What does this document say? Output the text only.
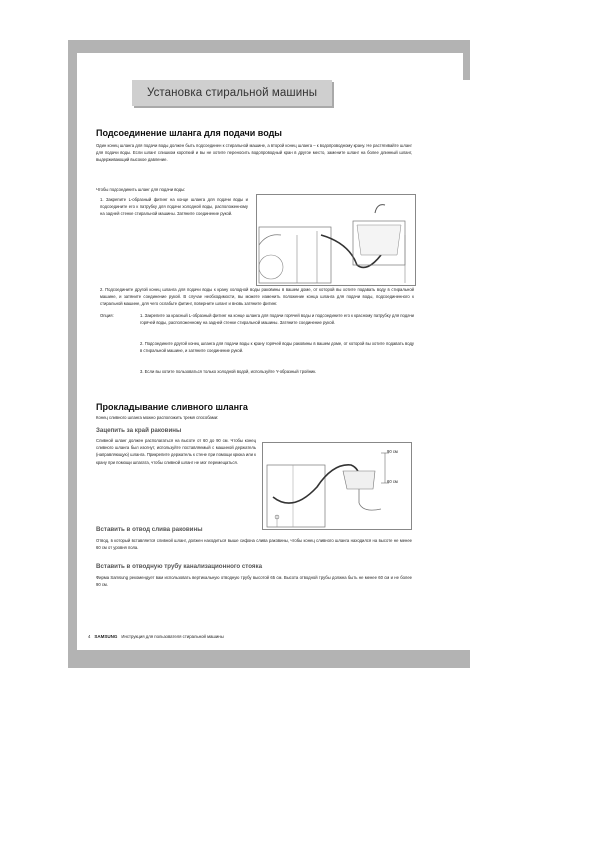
Установка стиральной машины
Подсоединение шланга для подачи воды

Один конец шланга для подачи воды должен быть подсоединен к стиральной машине, а второй конец шланга – к водопроводному крану. Не растягивайте шланг для подачи воды. Если шланг слишком короткий и вы не хотите переносить водопроводный кран в другое место, замените шланг на более длинный шланг, выдерживающий высокое давление.

Чтобы подсоединить шланг для подачи воды:

1. Закрепите L-образный фитинг на конце шланга для подачи воды и подсоедините его к патрубку для подачи холодной воды, расположенному на задней стенке стиральной машины. Затяните соединение рукой.

2. Подсоедините другой конец шланга для подачи воды к крану холодной воды раковины в вашем доме, от которой вы хотите подавать воду в стиральной машине, и затяните соединение рукой. В случае необходимости, вы можете изменить положение конца шланга для подачи воды, подсоединенного к стиральной машине, для чего ослабьте фитинг, поверните шланг и вновь затяните фитинг.

Опция:	1. Закрепите за красный L-образный фитинг на конце шланга для подачи горячей воды и подсоедините его к красному патрубку для подачи горячей воды, расположенному на задней стенке стиральной машины. Затяните соединение рукой.

2. Подсоедините другой конец шланга для подачи воды к крану горячей воды раковины в вашем доме, от которой вы хотите подавать воду в стиральной машине, и затяните соединение рукой.

3. Если вы хотите пользоваться только холодной водой, используйте Y-образный тройник.

Прокладывание сливного шланга

Конец сливного шланга можно расположить тремя способами:

Зацепить за край раковины

Сливной шланг должен располагаться на высоте от 60 до 90 см. Чтобы конец сливного шланга был изогнут, используйте поставляемый с машиной держатель (направляющую) шланга. Прикрепите держатель к стене при помощи крюка или к крану при помощи шпагата, чтобы сливной шланг не мог перемещаться.

90 см
60 см
Вставить в отвод слива раковины

Отвод, в который вставляется сливной шланг, должен находиться выше сифона слива раковины, чтобы конец сливного шланга находился на высоте не менее 60 см от уровня пола.

Вставить в отводную трубу канализационного стояка

Фирма Samsung рекомендует вам использовать вертикальную отводную трубу высотой 65 см. Высота отводной трубы должна быть не менее 60 см и не более 90 см.

4 SAMSUNG Инструкция для пользователя стиральной машины
